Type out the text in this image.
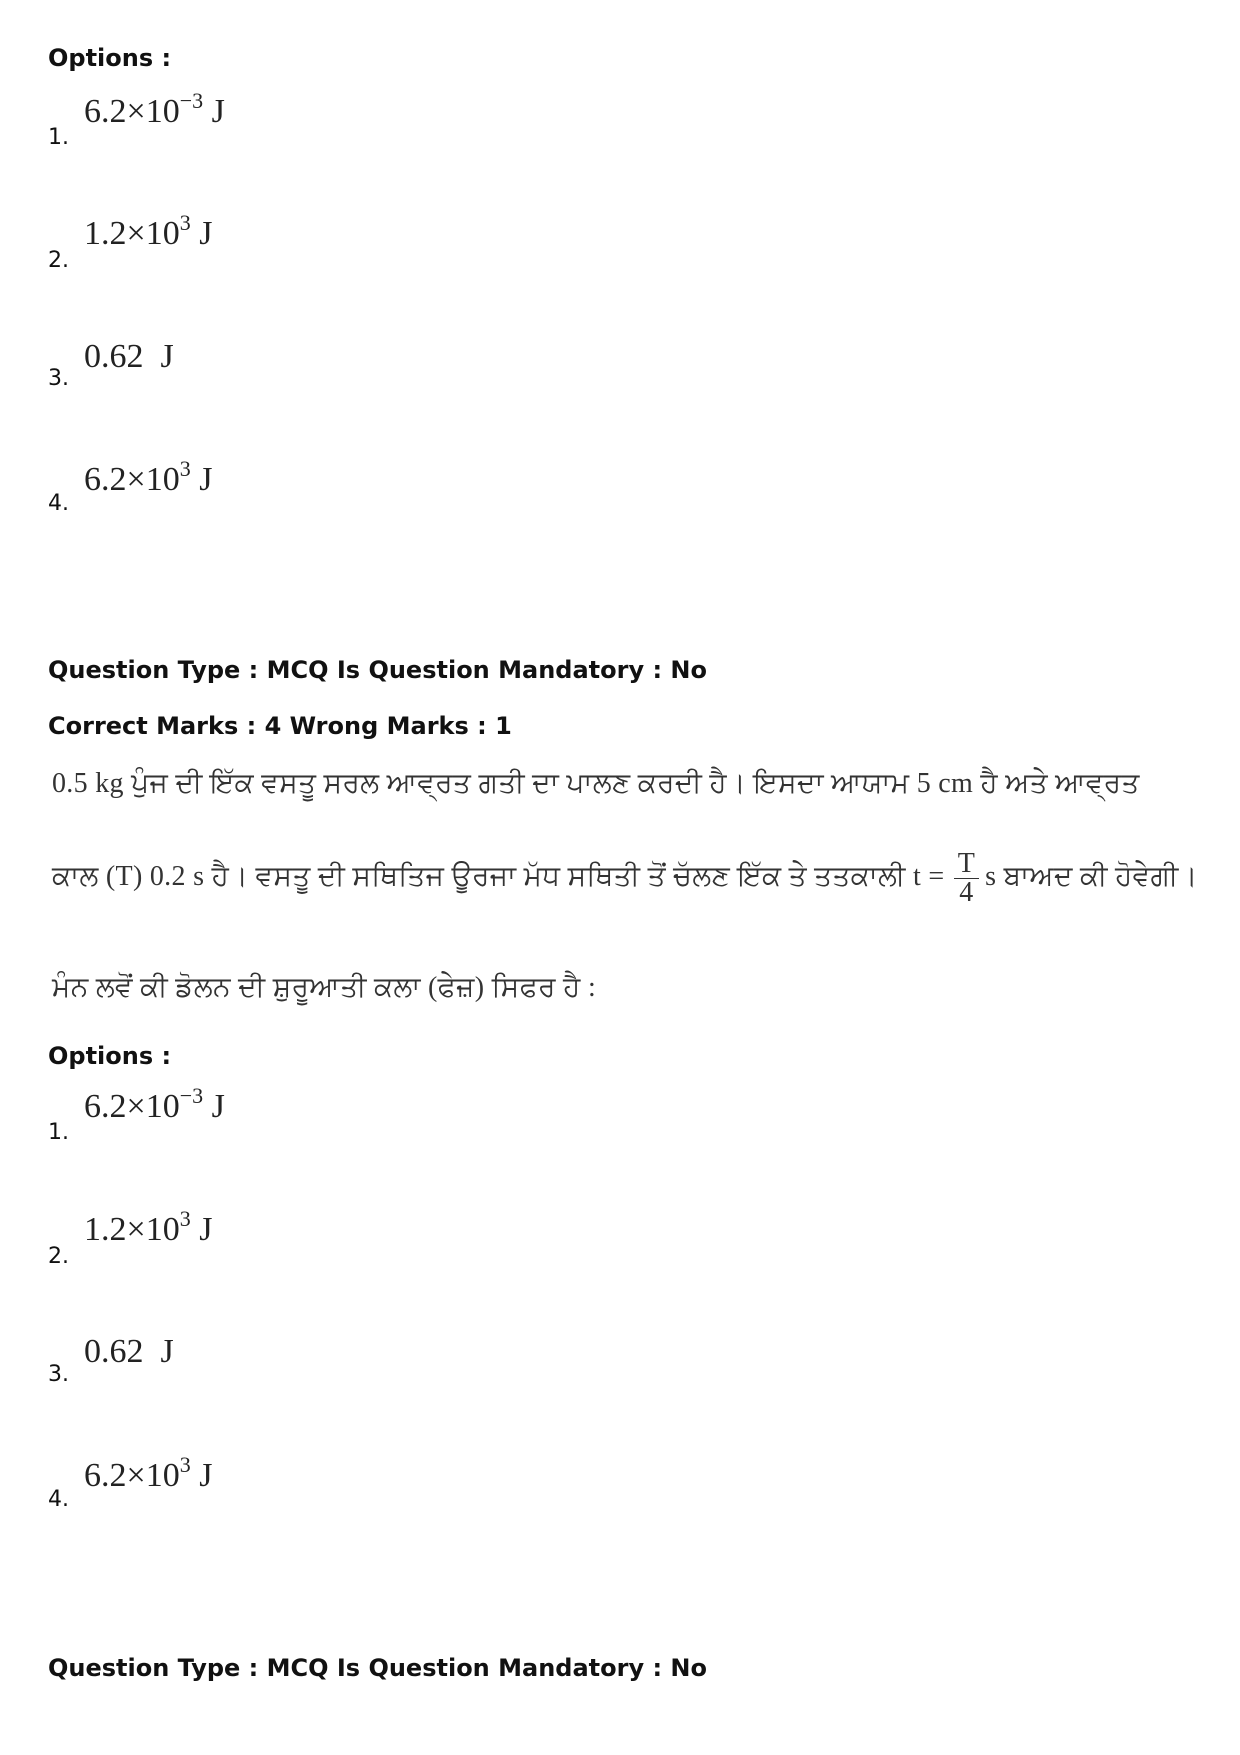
Options :
1.
$6.2\times 10^{-3}$ J
2.
$1.2\times 10^3$ J
3.
0.62  J
4.
$6.2\times 10^3$ J
Question Type : MCQ Is Question Mandatory : No
Correct Marks : 4 Wrong Marks : 1
0.5 kg ਪੁੰਜ ਦੀ ਇੱਕ ਵਸਤੂ ਸਰਲ ਆਵ੍ਰਤ ਗਤੀ ਦਾ ਪਾਲਣ ਕਰਦੀ ਹੈ। ਇਸਦਾ ਆਯਾਮ 5 cm ਹੈ ਅਤੇ ਆਵ੍ਰਤ
ਕਾਲ (T) 0.2 s ਹੈ। ਵਸਤੂ ਦੀ ਸਥਿਤਿਜ ਊਰਜਾ ਮੱਧ ਸਥਿਤੀ ਤੋਂ ਚੱਲਣ ਇੱਕ ਤੇ ਤਤਕਾਲੀ $t = \frac{T}{4}$ s ਬਾਅਦ ਕੀ ਹੋਵੇਗੀ।
ਮੰਨ ਲਵੋਂ ਕੀ ਡੋਲਨ ਦੀ ਸ਼ੁਰੂਆਤੀ ਕਲਾ (ਫੇਜ਼) ਸਿਫਰ ਹੈ :
Options :
1.
$6.2\times 10^{-3}$ J
2.
$1.2\times 10^3$ J
3.
0.62  J
4.
$6.2\times 10^3$ J
Question Type : MCQ Is Question Mandatory : No
